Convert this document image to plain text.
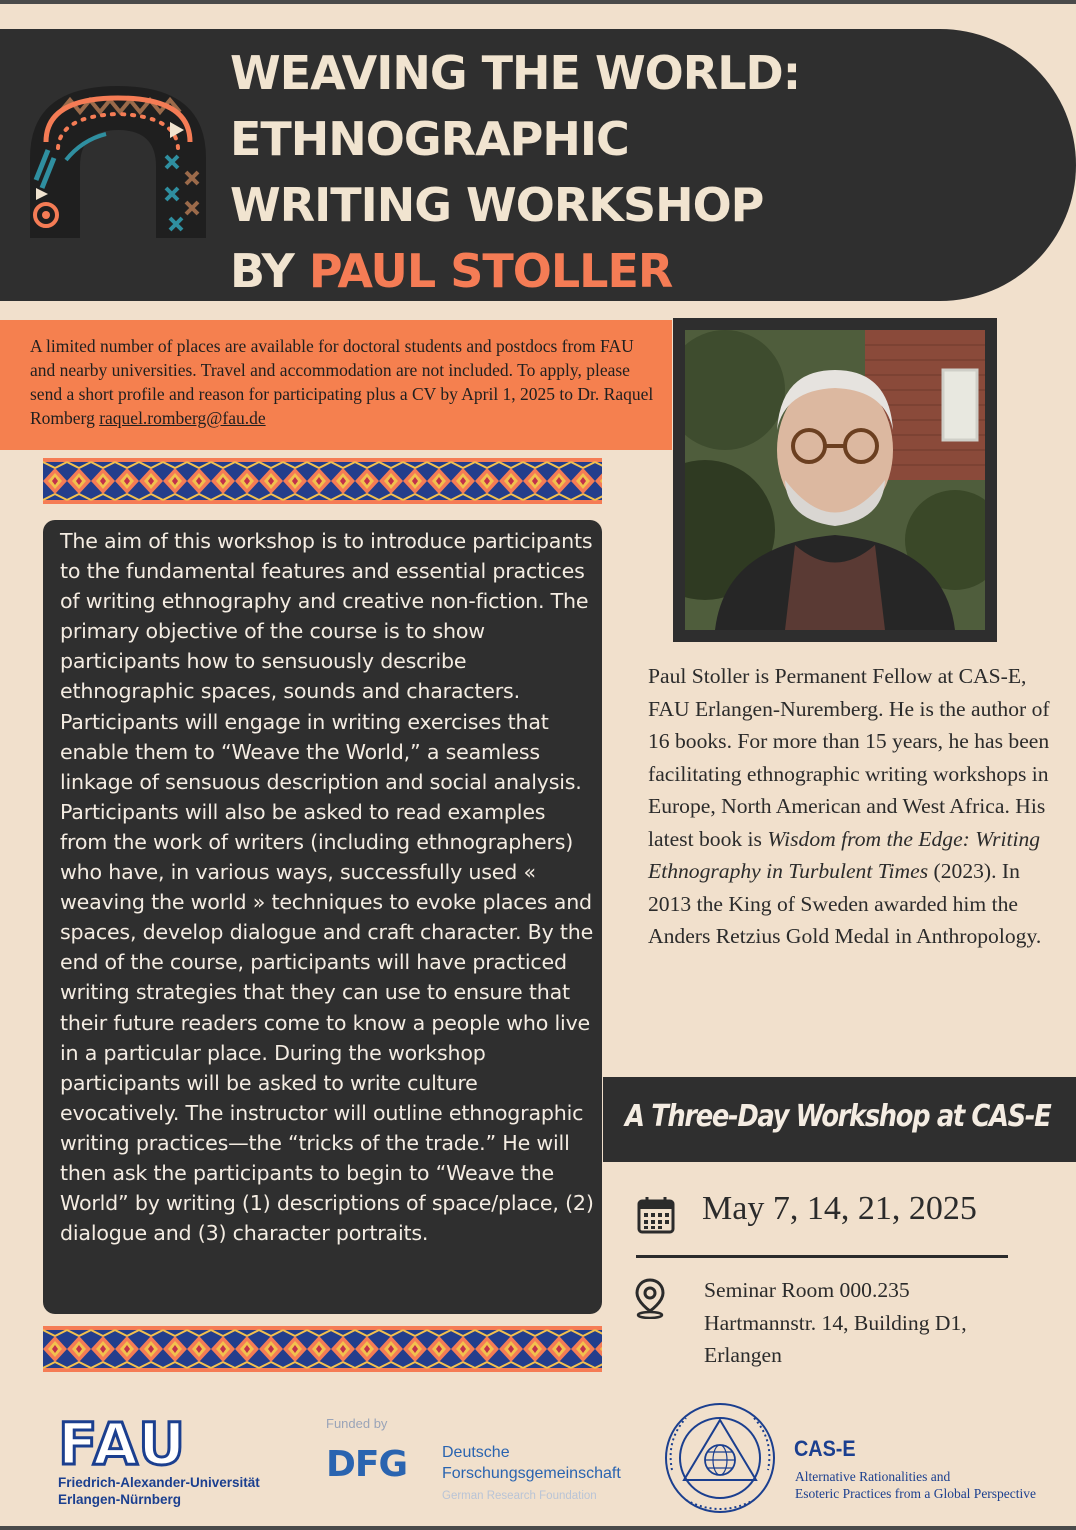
WEAVING THE WORLD:
ETHNOGRAPHIC
WRITING WORKSHOP
BY PAUL STOLLER

A limited number of places are available for doctoral students and postdocs from FAU and nearby universities. Travel and accommodation are not included. To apply, please send a short profile and reason for participating plus a CV by April 1, 2025 to Dr. Raquel Romberg raquel.romberg@fau.de

The aim of this workshop is to introduce participants to the fundamental features and essential practices of writing ethnography and creative non-fiction. The primary objective of the course is to show participants how to sensuously describe ethnographic spaces, sounds and characters. Participants will engage in writing exercises that enable them to “Weave the World,” a seamless linkage of sensuous description and social analysis. Participants will also be asked to read examples from the work of writers (including ethnographers) who have, in various ways, successfully used « weaving the world » techniques to evoke places and spaces, develop dialogue and craft character. By the end of the course, participants will have practiced writing strategies that they can use to ensure that their future readers come to know a people who live in a particular place. During the workshop participants will be asked to write culture evocatively. The instructor will outline ethnographic writing practices—the “tricks of the trade.” He will then ask the participants to begin to “Weave the World” by writing (1) descriptions of space/place, (2) dialogue and (3) character portraits.

Paul Stoller is Permanent Fellow at CAS-E, FAU Erlangen-Nuremberg. He is the author of 16 books. For more than 15 years, he has been facilitating ethnographic writing workshops in Europe, North American and West Africa. His latest book is Wisdom from the Edge: Writing Ethnography in Turbulent Times (2023). In 2013 the King of Sweden awarded him the Anders Retzius Gold Medal in Anthropology.

A Three-Day Workshop at CAS-E

May 7, 14, 21, 2025

Seminar Room 000.235
Hartmannstr. 14, Building D1,
Erlangen

FAU
Friedrich-Alexander-Universität
Erlangen-Nürnberg
Funded by
DFG Deutsche
Forschungsgemeinschaft
German Research Foundation
CAS-E
Alternative Rationalities and
Esoteric Practices from a Global Perspective
